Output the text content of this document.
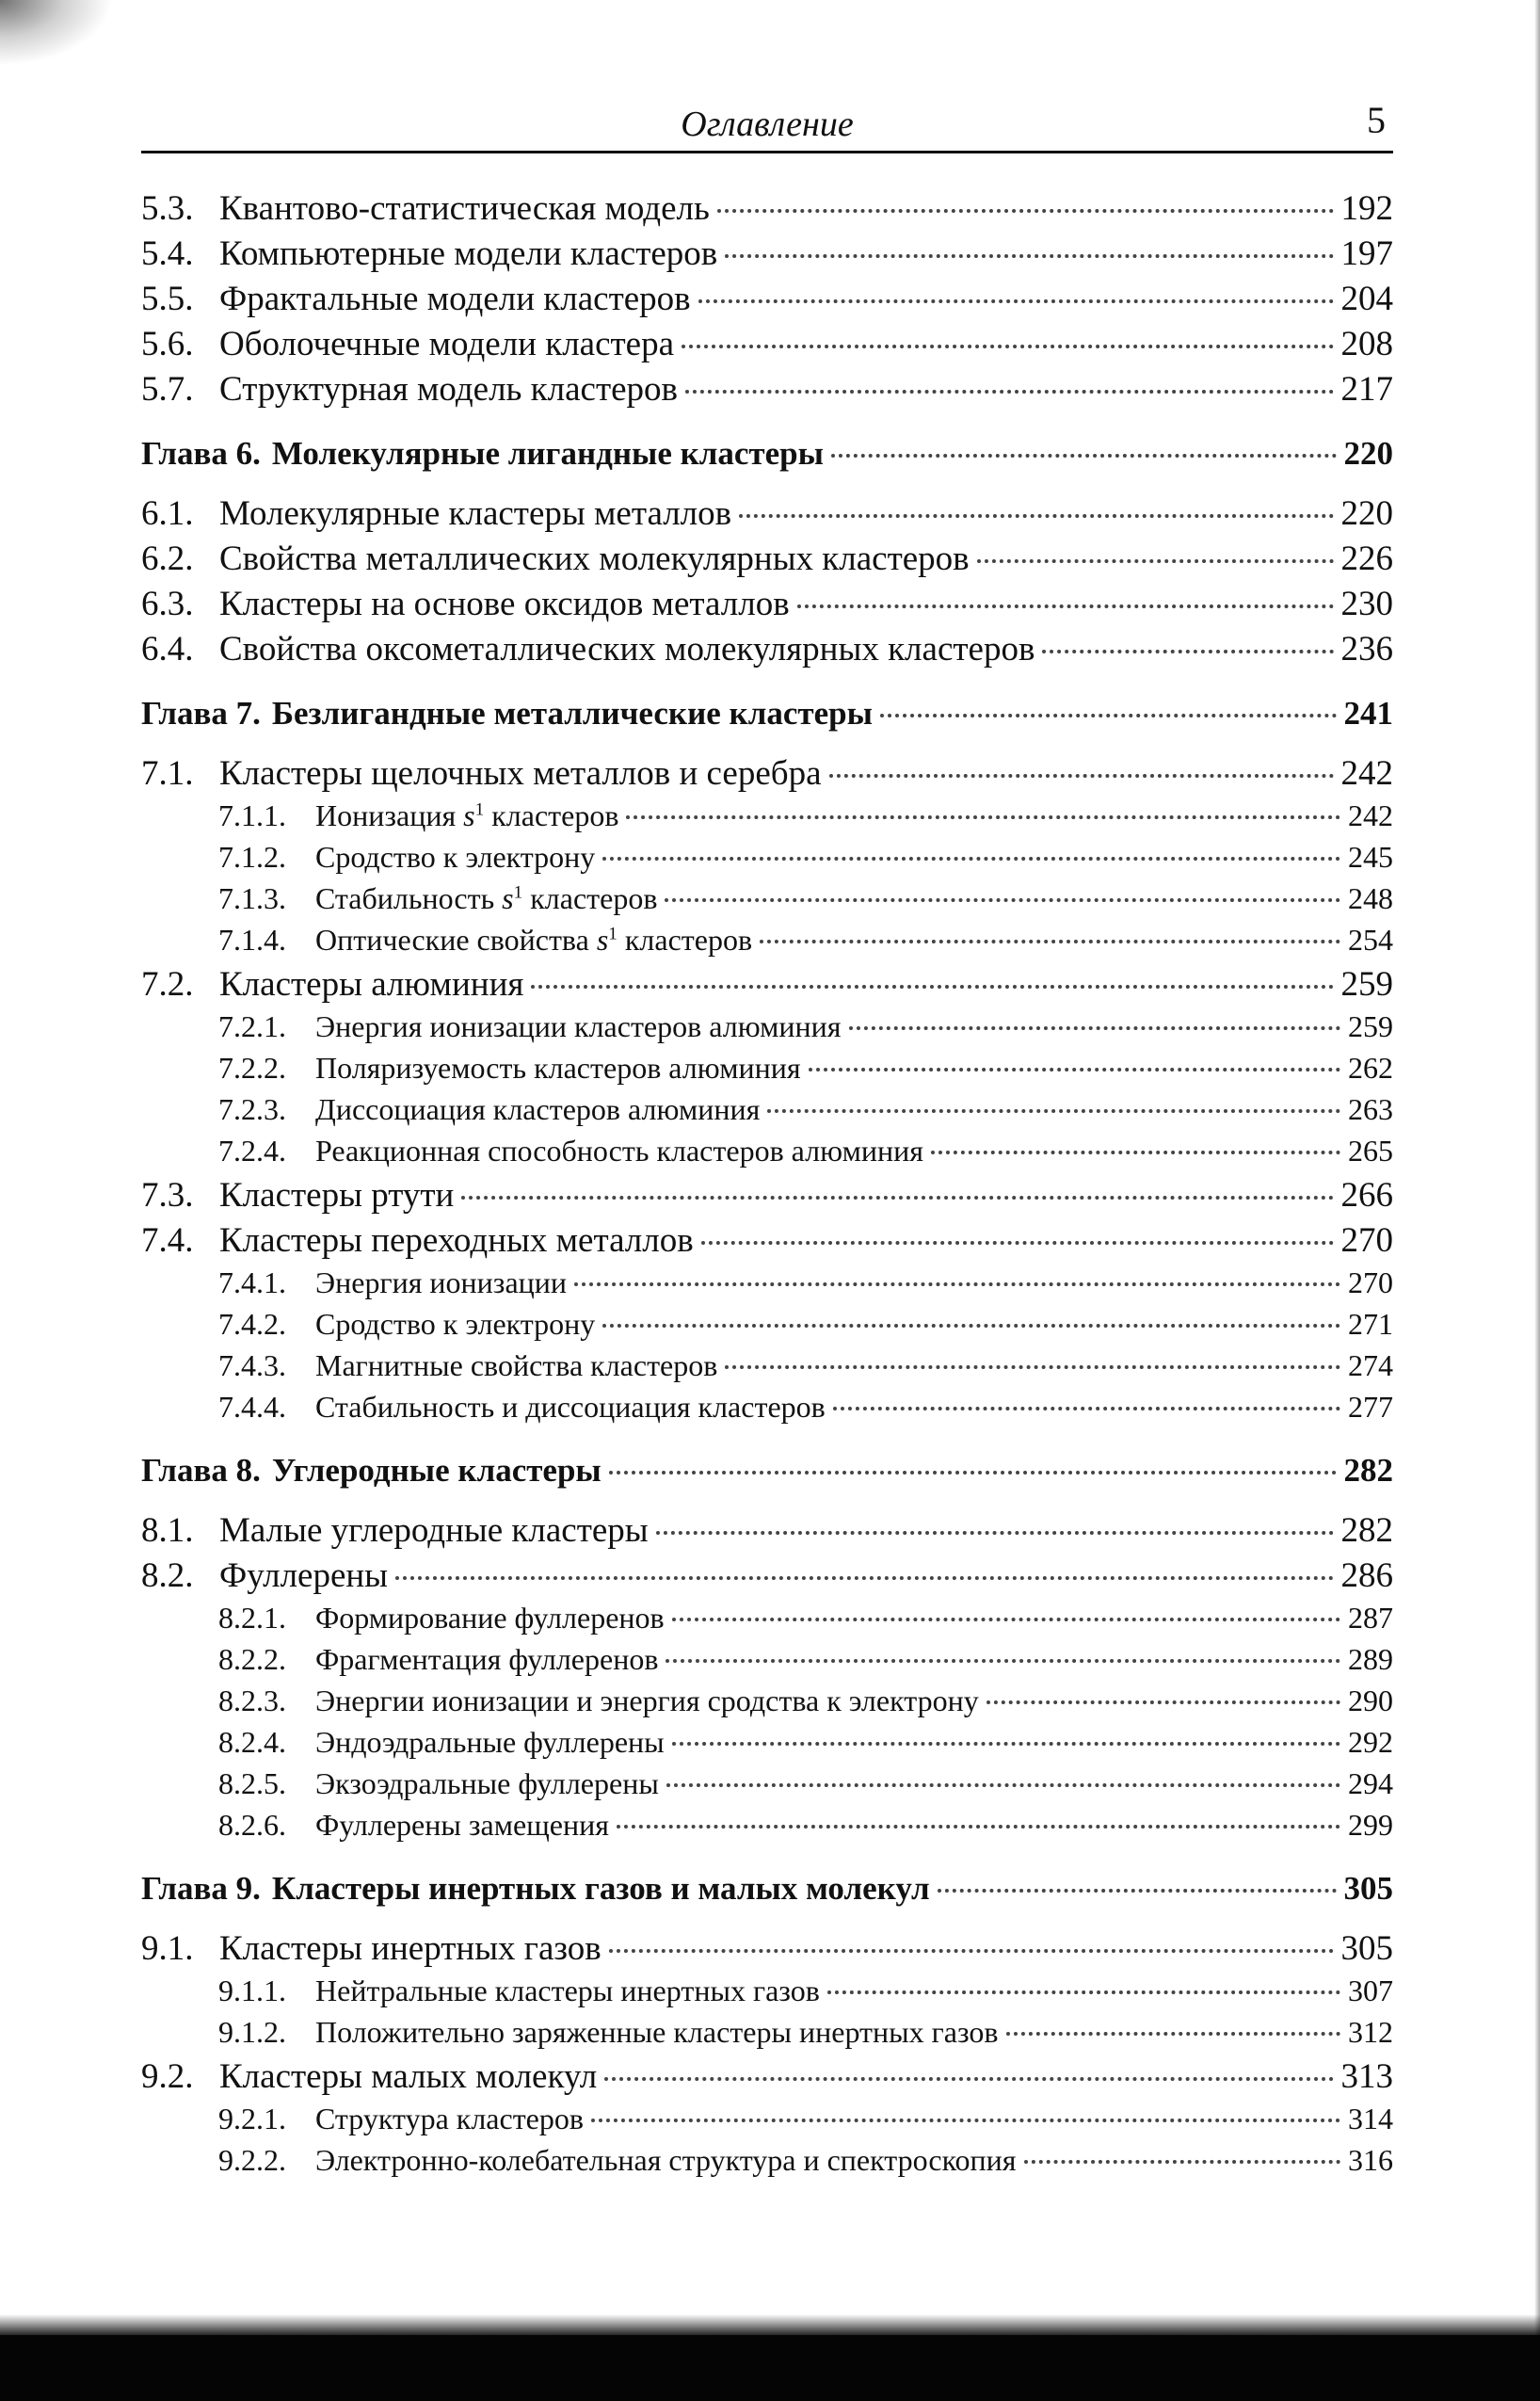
Оглавление	5
5.3. Квантово-статистическая модель	192
5.4. Компьютерные модели кластеров	197
5.5. Фрактальные модели кластеров	204
5.6. Оболочечные модели кластера	208
5.7. Структурная модель кластеров	217
Глава 6. Молекулярные лигандные кластеры	220
6.1. Молекулярные кластеры металлов	220
6.2. Свойства металлических молекулярных кластеров	226
6.3. Кластеры на основе оксидов металлов	230
6.4. Свойства оксометаллических молекулярных кластеров	236
Глава 7. Безлигандные металлические кластеры	241
7.1. Кластеры щелочных металлов и серебра	242
7.1.1. Ионизация $s^1$ кластеров	242
7.1.2. Сродство к электрону	245
7.1.3. Стабильность $s^1$ кластеров	248
7.1.4. Оптические свойства $s^1$ кластеров	254
7.2. Кластеры алюминия	259
7.2.1. Энергия ионизации кластеров алюминия	259
7.2.2. Поляризуемость кластеров алюминия	262
7.2.3. Диссоциация кластеров алюминия	263
7.2.4. Реакционная способность кластеров алюминия	265
7.3. Кластеры ртути	266
7.4. Кластеры переходных металлов	270
7.4.1. Энергия ионизации	270
7.4.2. Сродство к электрону	271
7.4.3. Магнитные свойства кластеров	274
7.4.4. Стабильность и диссоциация кластеров	277
Глава 8. Углеродные кластеры	282
8.1. Малые углеродные кластеры	282
8.2. Фуллерены	286
8.2.1. Формирование фуллеренов	287
8.2.2. Фрагментация фуллеренов	289
8.2.3. Энергии ионизации и энергия сродства к электрону	290
8.2.4. Эндоэдральные фуллерены	292
8.2.5. Экзоэдральные фуллерены	294
8.2.6. Фуллерены замещения	299
Глава 9. Кластеры инертных газов и малых молекул	305
9.1. Кластеры инертных газов	305
9.1.1. Нейтральные кластеры инертных газов	307
9.1.2. Положительно заряженные кластеры инертных газов	312
9.2. Кластеры малых молекул	313
9.2.1. Структура кластеров	314
9.2.2. Электронно-колебательная структура и спектроскопия	316
